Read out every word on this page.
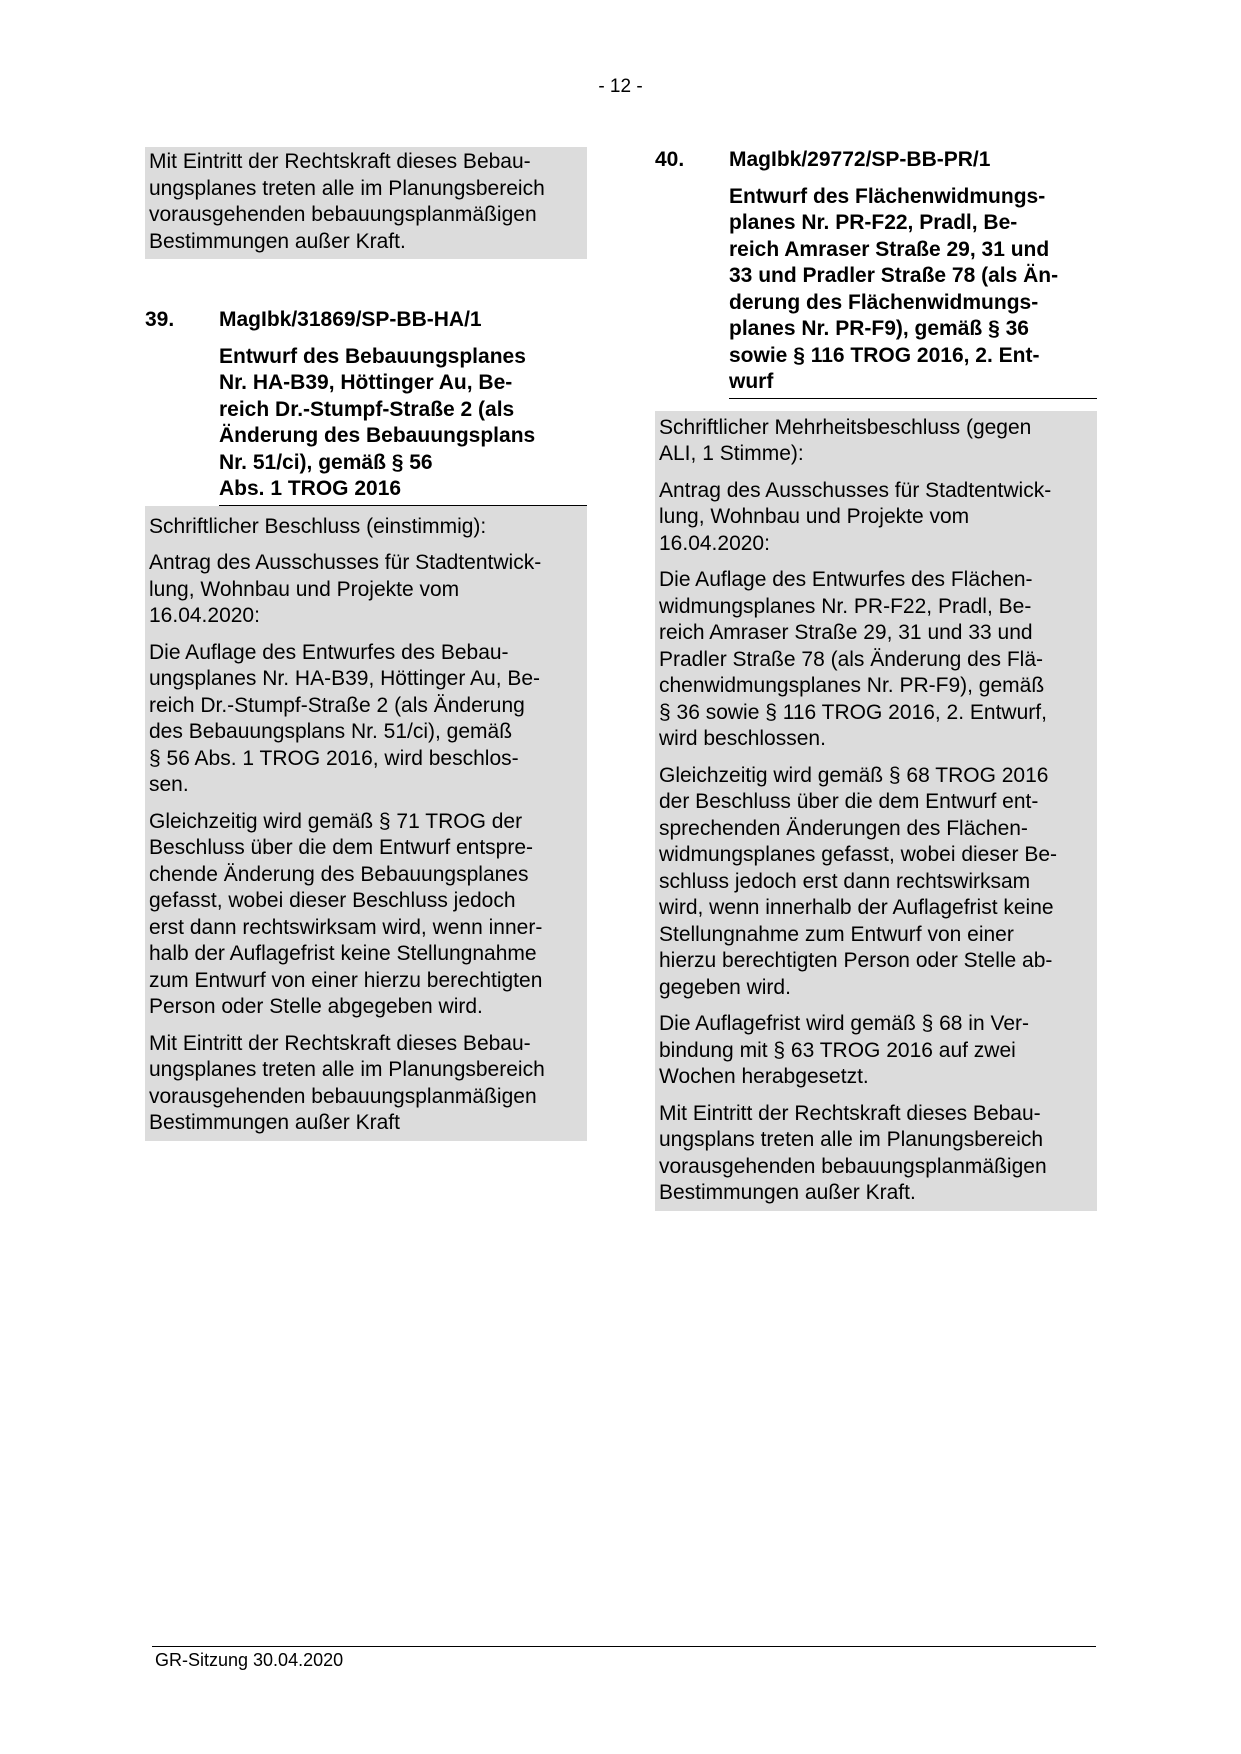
- 12 -

Mit Eintritt der Rechtskraft dieses Bebau-
ungsplanes treten alle im Planungsbereich
vorausgehenden bebauungsplanmäßigen
Bestimmungen außer Kraft.

39.	MagIbk/31869/SP-BB-HA/1
Entwurf des Bebauungsplanes
Nr. HA-B39, Höttinger Au, Be-
reich Dr.-Stumpf-Straße 2 (als
Änderung des Bebauungsplans
Nr. 51/ci), gemäß § 56
Abs. 1 TROG 2016

Schriftlicher Beschluss (einstimmig):

Antrag des Ausschusses für Stadtentwick-
lung, Wohnbau und Projekte vom
16.04.2020:

Die Auflage des Entwurfes des Bebau-
ungsplanes Nr. HA-B39, Höttinger Au, Be-
reich Dr.-Stumpf-Straße 2 (als Änderung
des Bebauungsplans Nr. 51/ci), gemäß
§ 56 Abs. 1 TROG 2016, wird beschlos-
sen.

Gleichzeitig wird gemäß § 71 TROG der
Beschluss über die dem Entwurf entspre-
chende Änderung des Bebauungsplanes
gefasst, wobei dieser Beschluss jedoch
erst dann rechtswirksam wird, wenn inner-
halb der Auflagefrist keine Stellungnahme
zum Entwurf von einer hierzu berechtigten
Person oder Stelle abgegeben wird.

Mit Eintritt der Rechtskraft dieses Bebau-
ungsplanes treten alle im Planungsbereich
vorausgehenden bebauungsplanmäßigen
Bestimmungen außer Kraft

40.	MagIbk/29772/SP-BB-PR/1
Entwurf des Flächenwidmungs-
planes Nr. PR-F22, Pradl, Be-
reich Amraser Straße 29, 31 und
33 und Pradler Straße 78 (als Än-
derung des Flächenwidmungs-
planes Nr. PR-F9), gemäß § 36
sowie § 116 TROG 2016, 2. Ent-
wurf

Schriftlicher Mehrheitsbeschluss (gegen
ALI, 1 Stimme):

Antrag des Ausschusses für Stadtentwick-
lung, Wohnbau und Projekte vom
16.04.2020:

Die Auflage des Entwurfes des Flächen-
widmungsplanes Nr. PR-F22, Pradl, Be-
reich Amraser Straße 29, 31 und 33 und
Pradler Straße 78 (als Änderung des Flä-
chenwidmungsplanes Nr. PR-F9), gemäß
§ 36 sowie § 116 TROG 2016, 2. Entwurf,
wird beschlossen.

Gleichzeitig wird gemäß § 68 TROG 2016
der Beschluss über die dem Entwurf ent-
sprechenden Änderungen des Flächen-
widmungsplanes gefasst, wobei dieser Be-
schluss jedoch erst dann rechtswirksam
wird, wenn innerhalb der Auflagefrist keine
Stellungnahme zum Entwurf von einer
hierzu berechtigten Person oder Stelle ab-
gegeben wird.

Die Auflagefrist wird gemäß § 68 in Ver-
bindung mit § 63 TROG 2016 auf zwei
Wochen herabgesetzt.

Mit Eintritt der Rechtskraft dieses Bebau-
ungsplans treten alle im Planungsbereich
vorausgehenden bebauungsplanmäßigen
Bestimmungen außer Kraft.

GR-Sitzung 30.04.2020
